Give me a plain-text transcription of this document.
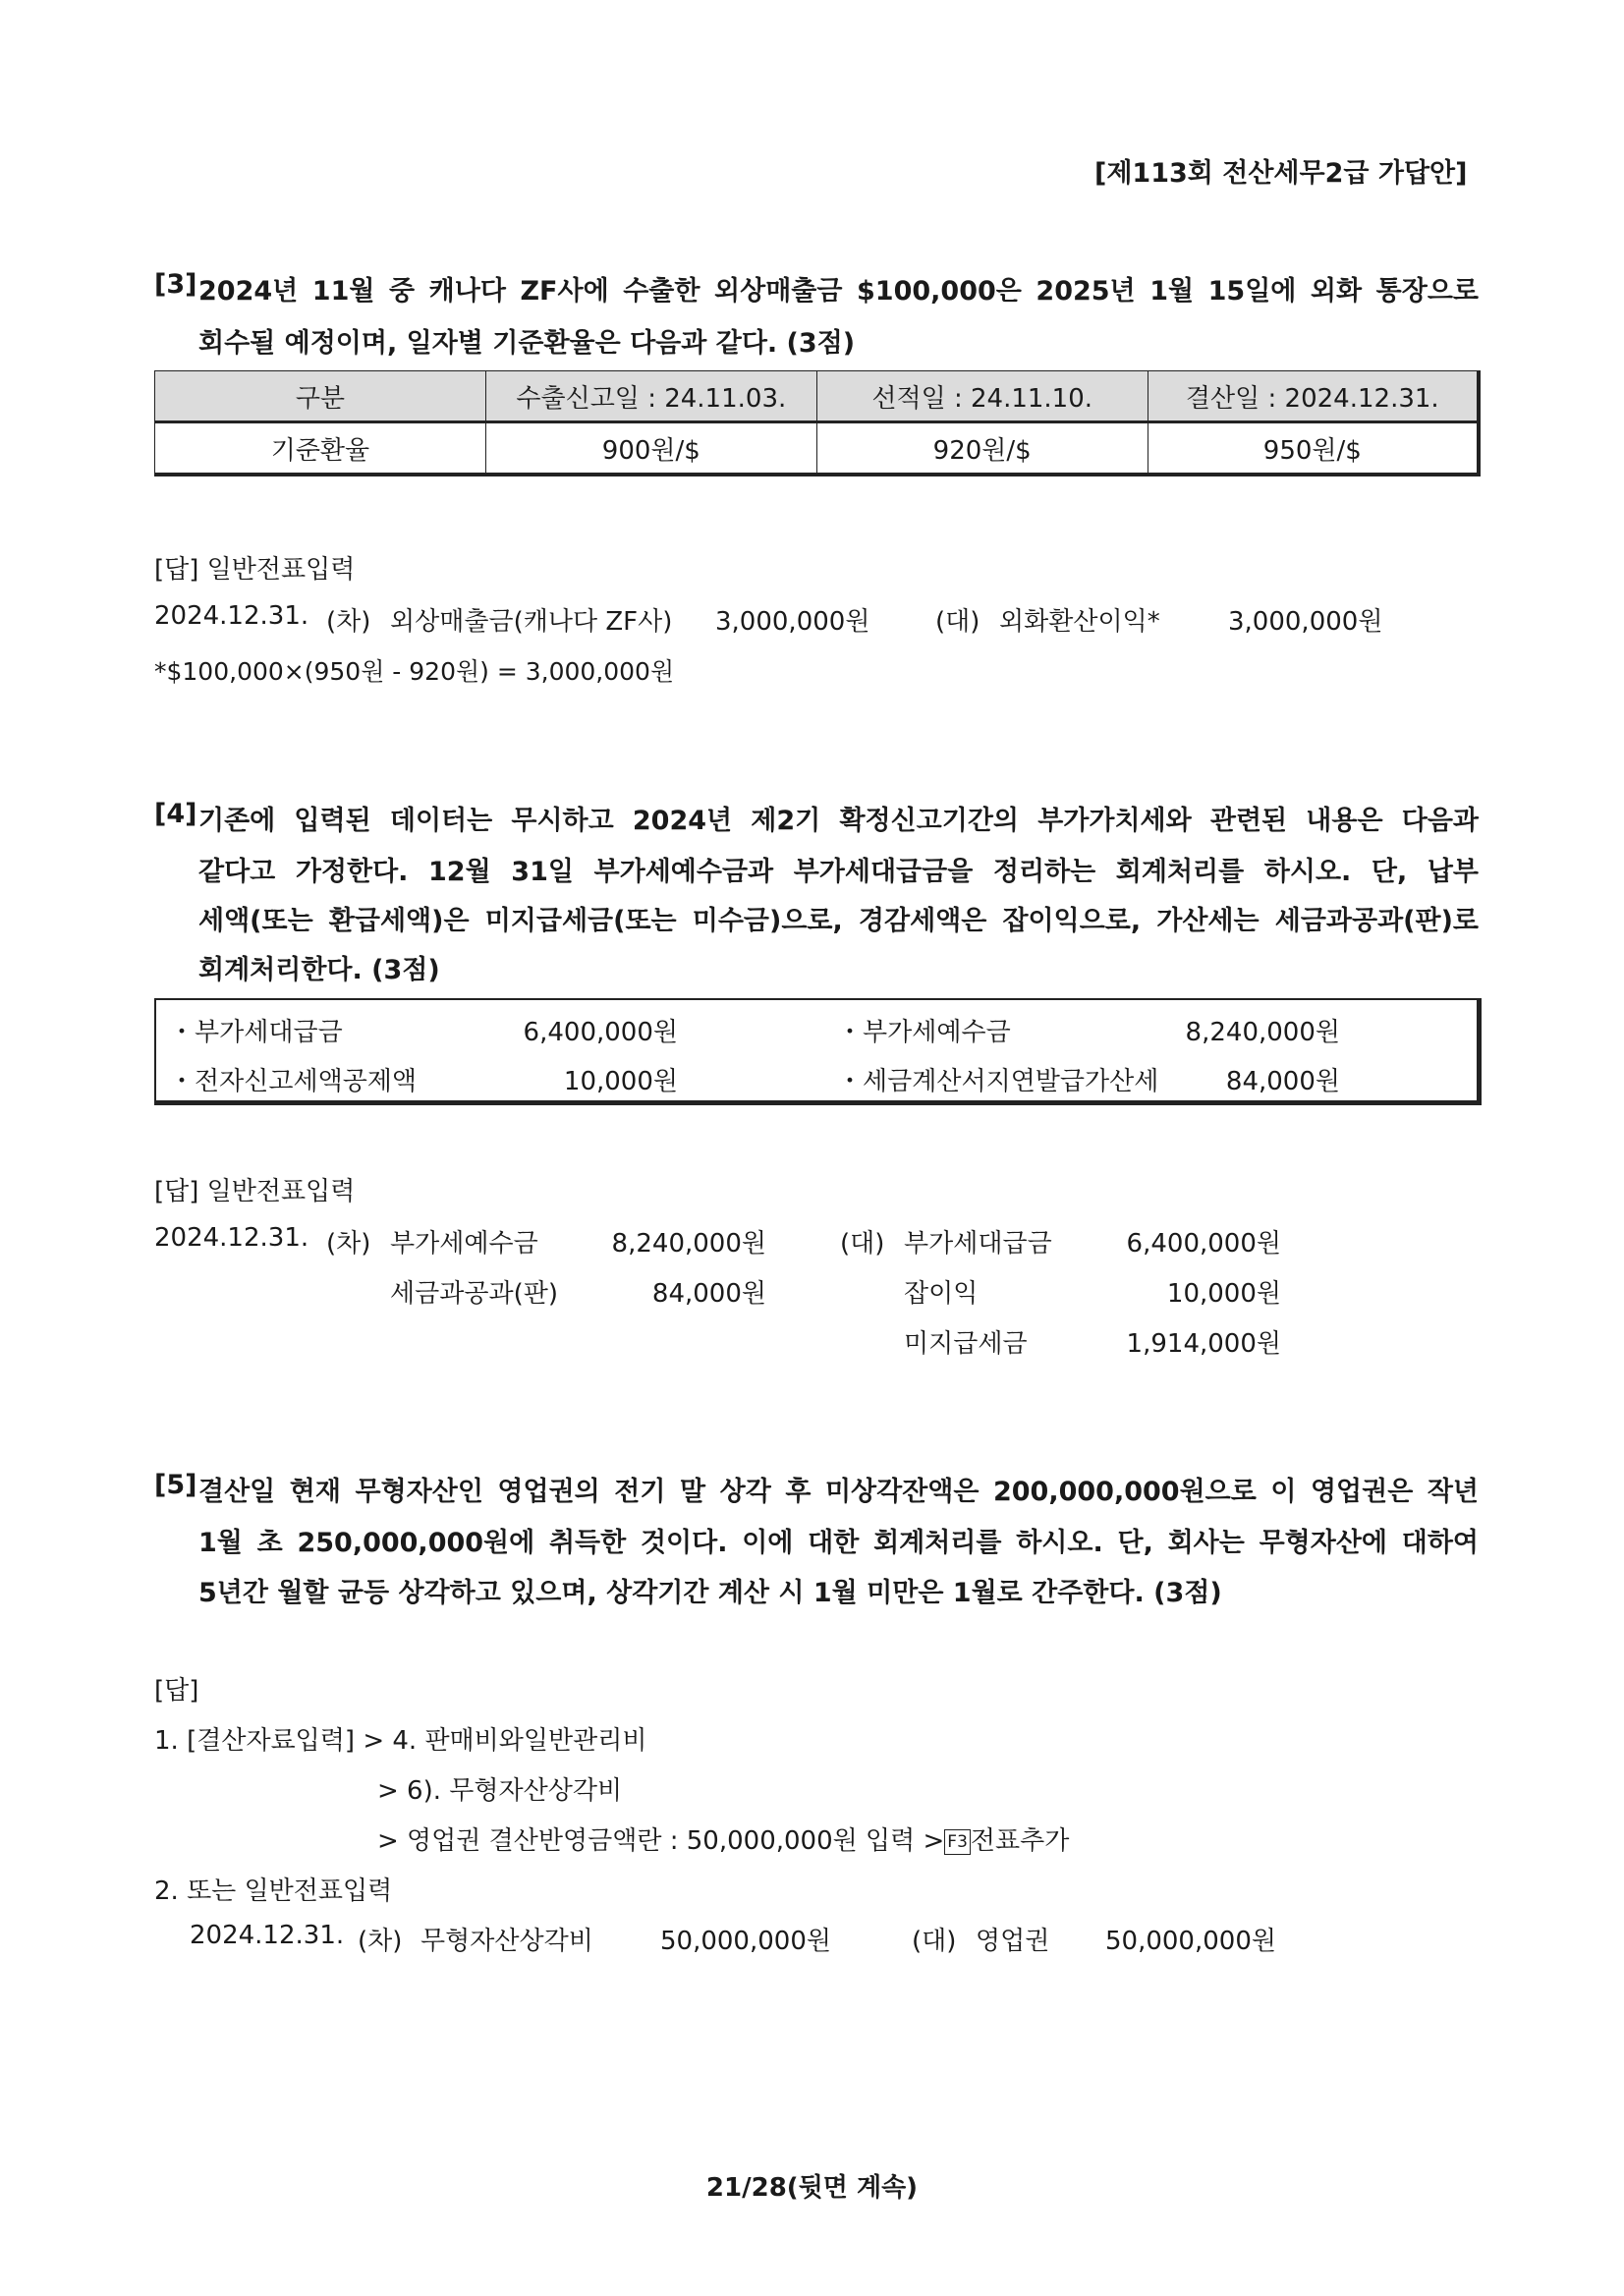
[제113회 전산세무2급 가답안]
[3] 2024년 11월 중 캐나다 ZF사에 수출한 외상매출금 $100,000은 2025년 1월 15일에 외화 통장으로
회수될 예정이며, 일자별 기준환율은 다음과 같다. (3점)
구분	수출신고일 : 24.11.03.	선적일 : 24.11.10.	결산일 : 2024.12.31.
기준환율	900원/$	920원/$	950원/$
[답] 일반전표입력
2024.12.31. (차) 외상매출금(캐나다 ZF사) 3,000,000원	(대) 외화환산이익*	3,000,000원
*$100,000×(950원 - 920원) = 3,000,000원
[4] 기존에 입력된 데이터는 무시하고 2024년 제2기 확정신고기간의 부가가치세와 관련된 내용은 다음과
같다고 가정한다. 12월 31일 부가세예수금과 부가세대급금을 정리하는 회계처리를 하시오. 단, 납부
세액(또는 환급세액)은 미지급세금(또는 미수금)으로, 경감세액은 잡이익으로, 가산세는 세금과공과(판)로
회계처리한다. (3점)
・부가세대급금	6,400,000원	・부가세예수금	8,240,000원
・전자신고세액공제액	10,000원	・세금계산서지연발급가산세	84,000원
[답] 일반전표입력
2024.12.31. (차) 부가세예수금	8,240,000원
세금과공과(판)	84,000원
(대) 부가세대급금	6,400,000원
잡이익	10,000원
미지급세금	1,914,000원
[5] 결산일 현재 무형자산인 영업권의 전기 말 상각 후 미상각잔액은 200,000,000원으로 이 영업권은 작년
1월 초 250,000,000원에 취득한 것이다. 이에 대한 회계처리를 하시오. 단, 회사는 무형자산에 대하여
5년간 월할 균등 상각하고 있으며, 상각기간 계산 시 1월 미만은 1월로 간주한다. (3점)
[답]
1. [결산자료입력] > 4. 판매비와일반관리비
> 6). 무형자산상각비
> 영업권 결산반영금액란 : 50,000,000원 입력 > F3 전표추가
2. 또는 일반전표입력
2024.12.31. (차) 무형자산상각비	50,000,000원	(대) 영업권 50,000,000원
21/28(뒷면 계속)
